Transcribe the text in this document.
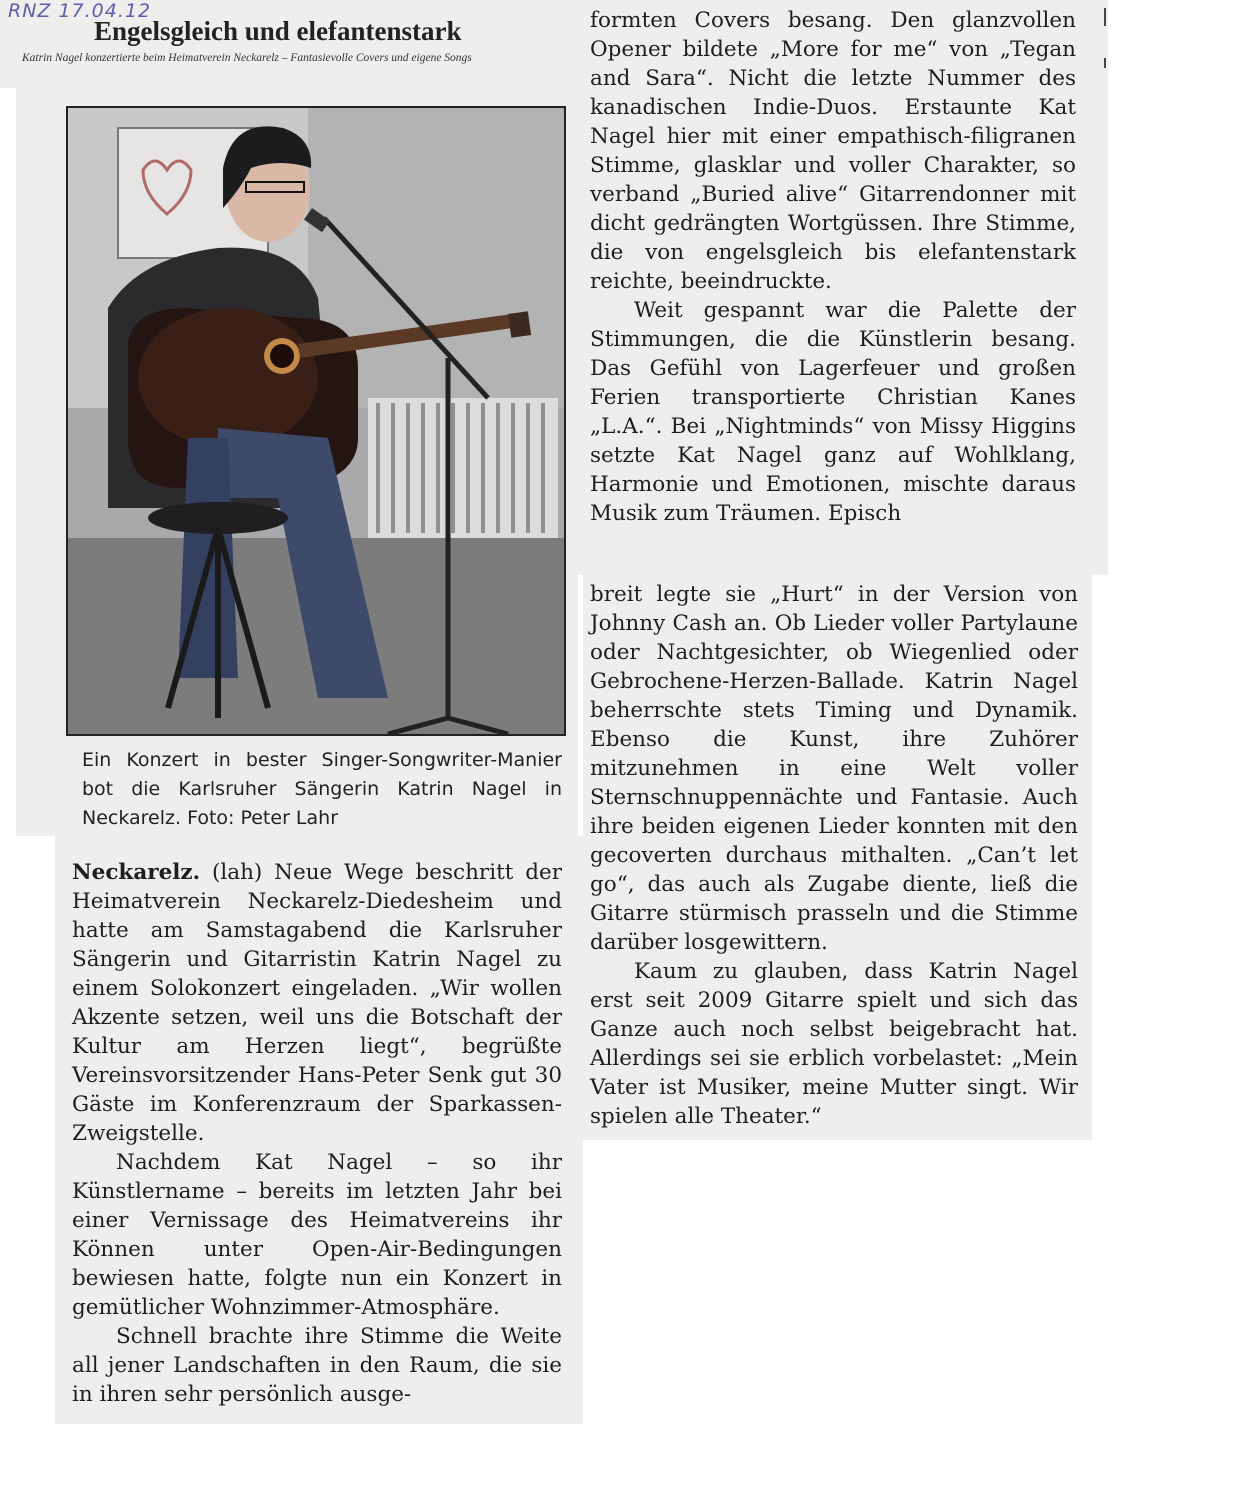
RNZ 17.04.12
Engelsgleich und elefantenstark
Katrin Nagel konzertierte beim Heimatverein Neckarelz – Fantasievolle Covers und eigene Songs
Ein Konzert in bester Singer-Songwriter-Manier bot die Karlsruher Sängerin Katrin Nagel in Neckarelz. Foto: Peter Lahr

Neckarelz. (lah) Neue Wege beschritt der Heimatverein Neckarelz-Diedesheim und hatte am Samstagabend die Karlsruher Sängerin und Gitarristin Katrin Nagel zu einem Solokonzert eingeladen. „Wir wollen Akzente setzen, weil uns die Botschaft der Kultur am Herzen liegt“, begrüßte Vereinsvorsitzender Hans-Peter Senk gut 30 Gäste im Konferenzraum der Sparkassen-Zweigstelle.

Nachdem Kat Nagel – so ihr Künstlername – bereits im letzten Jahr bei einer Vernissage des Heimatvereins ihr Können unter Open-Air-Bedingungen bewiesen hatte, folgte nun ein Konzert in gemütlicher Wohnzimmer-Atmosphäre.

Schnell brachte ihre Stimme die Weite all jener Landschaften in den Raum, die sie in ihren sehr persönlich ausge-

formten Covers besang. Den glanzvollen Opener bildete „More for me“ von „Tegan and Sara“. Nicht die letzte Nummer des kanadischen Indie-Duos. Erstaunte Kat Nagel hier mit einer empathisch-filigranen Stimme, glasklar und voller Charakter, so verband „Buried alive“ Gitarrendonner mit dicht gedrängten Wortgüssen. Ihre Stimme, die von engelsgleich bis elefantenstark reichte, beeindruckte.

Weit gespannt war die Palette der Stimmungen, die die Künstlerin besang. Das Gefühl von Lagerfeuer und großen Ferien transportierte Christian Kanes „L.A.“. Bei „Nightminds“ von Missy Higgins setzte Kat Nagel ganz auf Wohlklang, Harmonie und Emotionen, mischte daraus Musik zum Träumen. Episch

breit legte sie „Hurt“ in der Version von Johnny Cash an. Ob Lieder voller Partylaune oder Nachtgesichter, ob Wiegenlied oder Gebrochene-Herzen-Ballade. Katrin Nagel beherrschte stets Timing und Dynamik. Ebenso die Kunst, ihre Zuhörer mitzunehmen in eine Welt voller Sternschnuppennächte und Fantasie. Auch ihre beiden eigenen Lieder konnten mit den gecoverten durchaus mithalten. „Can’t let go“, das auch als Zugabe diente, ließ die Gitarre stürmisch prasseln und die Stimme darüber losgewittern.

Kaum zu glauben, dass Katrin Nagel erst seit 2009 Gitarre spielt und sich das Ganze auch noch selbst beigebracht hat. Allerdings sei sie erblich vorbelastet: „Mein Vater ist Musiker, meine Mutter singt. Wir spielen alle Theater.“
